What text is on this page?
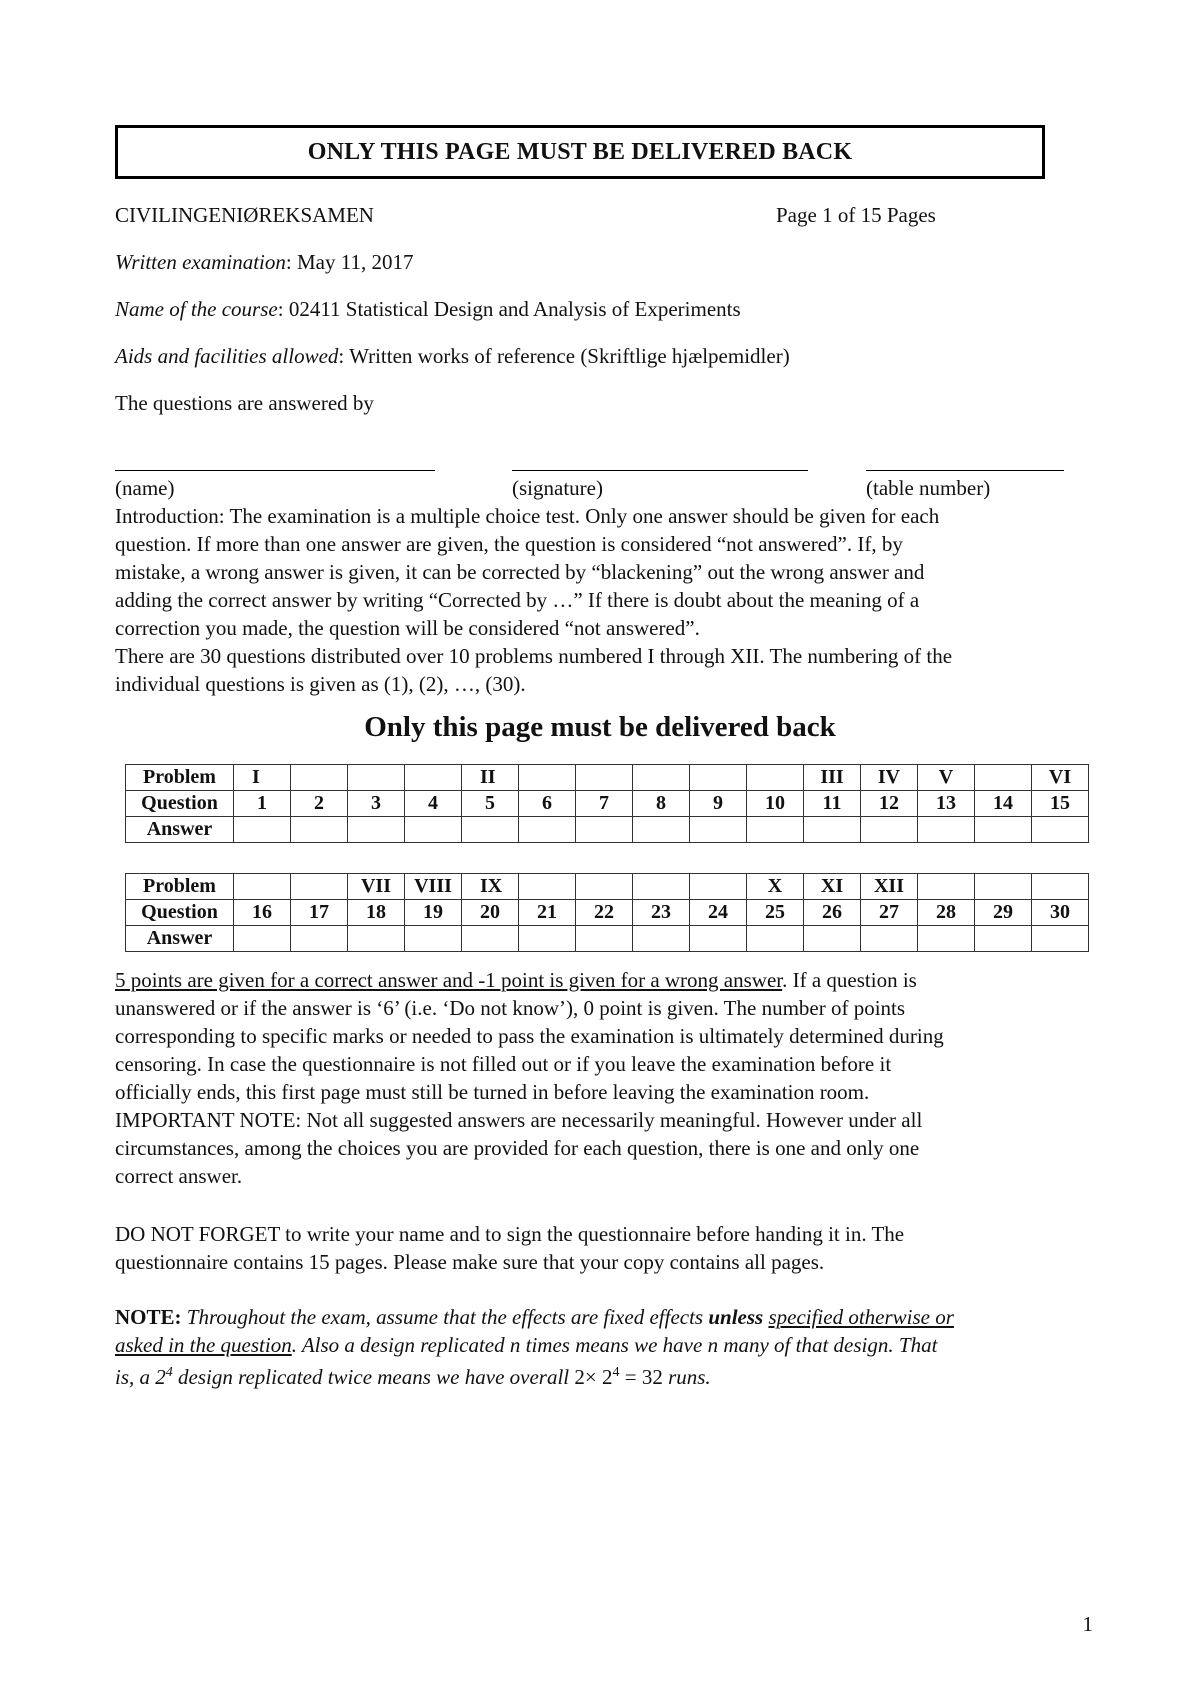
ONLY THIS PAGE MUST BE DELIVERED BACK
CIVILINGENIØREKSAMEN	Page 1 of 15 Pages
Written examination: May 11, 2017
Name of the course: 02411 Statistical Design and Analysis of Experiments
Aids and facilities allowed: Written works of reference (Skriftlige hjælpemidler)
The questions are answered by
(name)	(signature)	(table number)
Introduction: The examination is a multiple choice test. Only one answer should be given for each
question. If more than one answer are given, the question is considered “not answered”. If, by
mistake, a wrong answer is given, it can be corrected by “blackening” out the wrong answer and
adding the correct answer by writing “Corrected by …” If there is doubt about the meaning of a
correction you made, the question will be considered “not answered”.
There are 30 questions distributed over 10 problems numbered I through XII. The numbering of the
individual questions is given as (1), (2), …, (30).
Only this page must be delivered back
Problem	I				II						III	IV	V		VI
Question	1	2	3	4	5	6	7	8	9	10	11	12	13	14	15
Answer															
Problem			VII	VIII	IX					X	XI	XII			
Question	16	17	18	19	20	21	22	23	24	25	26	27	28	29	30
Answer															
5 points are given for a correct answer and -1 point is given for a wrong answer. If a question is
unanswered or if the answer is ‘6’ (i.e. ‘Do not know’), 0 point is given. The number of points
corresponding to specific marks or needed to pass the examination is ultimately determined during
censoring. In case the questionnaire is not filled out or if you leave the examination before it
officially ends, this first page must still be turned in before leaving the examination room.
IMPORTANT NOTE: Not all suggested answers are necessarily meaningful. However under all
circumstances, among the choices you are provided for each question, there is one and only one
correct answer.
DO NOT FORGET to write your name and to sign the questionnaire before handing it in. The
questionnaire contains 15 pages. Please make sure that your copy contains all pages.
NOTE: Throughout the exam, assume that the effects are fixed effects unless specified otherwise or
asked in the question. Also a design replicated n times means we have n many of that design. That
is, a $2^4$ design replicated twice means we have overall $2\times 2^4 = 32$ runs.
1
